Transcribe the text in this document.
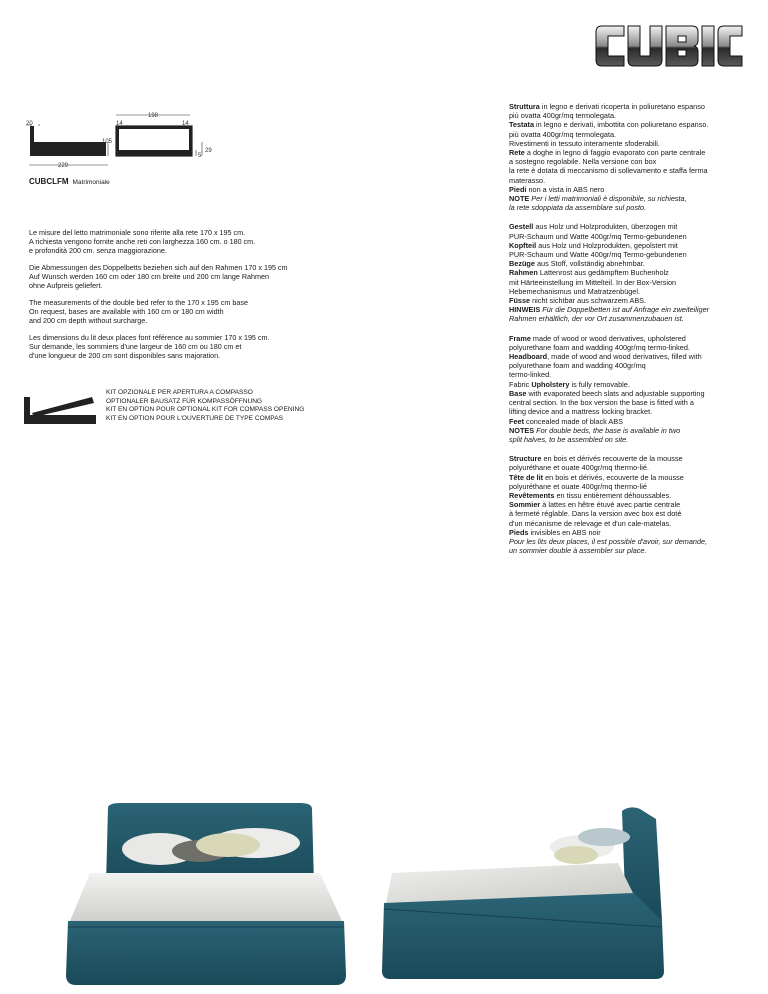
20
105
229
198
14	14
5
29
CUBCLFM Matrimoniale

Le misure del letto matrimoniale sono riferite alla rete 170 x 195 cm.
A richiesta vengono fornite anche reti con larghezza 160 cm. o 180 cm.
e profondità 200 cm. senza maggiorazione.

Die Abmessungen des Doppelbetts beziehen sich auf den Rahmen 170 x 195 cm
Auf Wunsch werden 160 cm oder 180 cm breite und 200 cm lange Rahmen
ohne Aufpreis geliefert.

The measurements of the double bed refer to the 170 x 195 cm base
On request, bases are available with 160 cm or 180 cm width
and 200 cm depth without surcharge.

Les dimensions du lit deux places font référence au sommier 170 x 195 cm.
Sur demande, les sommiers d'une largeur de 160 cm ou 180 cm et
d'une longueur de 200 cm sont disponibles sans majoration.

KIT OPZIONALE PER APERTURA A COMPASSO
OPTIONALER BAUSATZ FÜR KOMPASSÖFFNUNG
KIT EN OPTION POUR OPTIONAL KIT FOR COMPASS OPENING
KIT EN OPTION POUR L'OUVERTURE DE TYPE COMPAS
Struttura in legno e derivati ricoperta in poliuretano espanso
più ovatta 400gr/mq termolegata.
Testata in legno e derivati, imbottita con poliuretano espanso.
più ovatta 400gr/mq termolegata.
Rivestimenti in tessuto interamente sfoderabili.
Rete a doghe in legno di faggio evaporato con parte centrale
a sostegno regolabile. Nella versione con box
la rete è dotata di meccanismo di sollevamento e staffa ferma
materasso.
Piedi non a vista in ABS nero
NOTE Per i letti matrimoniali è disponibile, su richiesta,
la rete sdoppiata da assemblare sul posto.
Gestell aus Holz und Holzprodukten, überzogen mit
PUR-Schaum und Watte 400gr/mq Termo-gebundenen
Kopfteil aus Holz und Holzprodukten, gepolstert mit
PUR-Schaum und Watte 400gr/mq Termo-gebundenen
Bezüge aus Stoff, vollständig abnehmbar.
Rahmen Lattenrost aus gedämpftem Buchenholz
mit Härteeinstellung im Mittelteil. In der Box-Version
Hebemechanismus und Matratzenbügel.
Füsse nicht sichtbar aus schwarzem ABS.
HINWEIS Für die Doppelbetten ist auf Anfrage ein zweiteiliger
Rahmen erhältlich, der vor Ort zusammenzubauen ist.
Frame made of wood or wood derivatives, upholstered
polyurethane foam and wadding 400gr/mq termo-linked.
Headboard, made of wood and wood derivatives, filled with
polyurethane foam and wadding 400gr/mq
termo-linked.
Fabric Upholstery is fully removable.
Base with evaporated beech slats and adjustable supporting
central section. In the box version the base is fitted with a
lifting device and a mattress locking bracket.
Feet concealed made of black ABS
NOTES For double beds, the base is available in two
split halves, to be assembled on site.
Structure en bois et dérivés recouverte de la mousse
polyuréthane et ouate 400gr/mq thermo-lié.
Tête de lit en bois et dérivés, ecouverte de la mousse
polyuréthane et ouate 400gr/mq thermo-lié
Revêtements en tissu entièrement déhoussables.
Sommier à lattes en hêtre étuvé avec partie centrale
à fermeté réglable. Dans la version avec box est doté
d'un mécanisme de relevage et d'un cale-matelas.
Pieds invisibles en ABS noir
Pour les lits deux places, il est possible d'avoir, sur demande,
un sommier double à assembler sur place.
